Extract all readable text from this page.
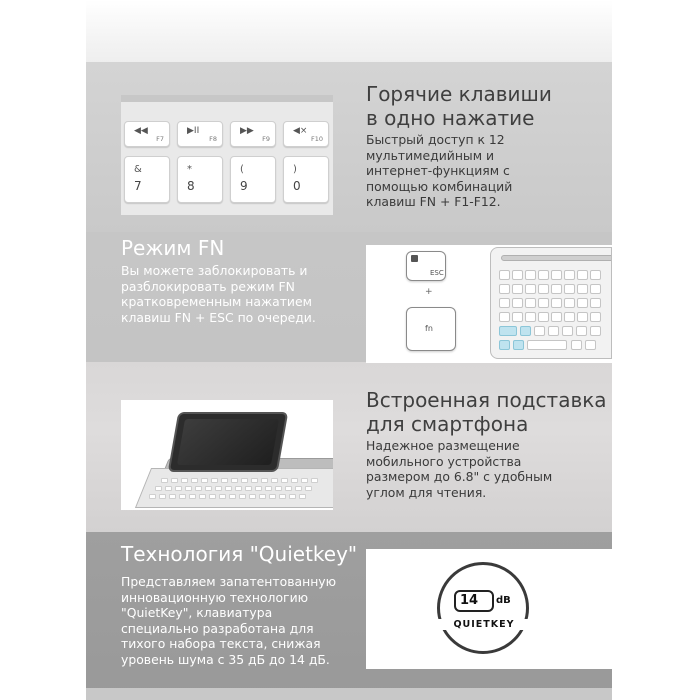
Горячие клавиши
в одно нажатие
Быстрый доступ к 12
мультимедийным и
интернет-функциям с
помощью комбинаций
клавиш FN + F1-F12.
◀◀
F7
▶II
F8
▶▶
F9
◀×
F10
&
7
*
8
(
9
)
0
Режим FN
Вы можете заблокировать и
разблокировать режим FN
кратковременным нажатием
клавиш FN + ESC по очереди.
ESC
+
fn
Встроенная подставка
для смартфона
Надежное размещение
мобильного устройства
размером до 6.8" с удобным
углом для чтения.
Технология "Quietkey"
Представляем запатентованную
инновационную технологию
"QuietKey", клавиатура
специально разработана для
тихого набора текста, снижая
уровень шума с 35 дБ до 14 дБ.
14 dB
QUIETKEY
